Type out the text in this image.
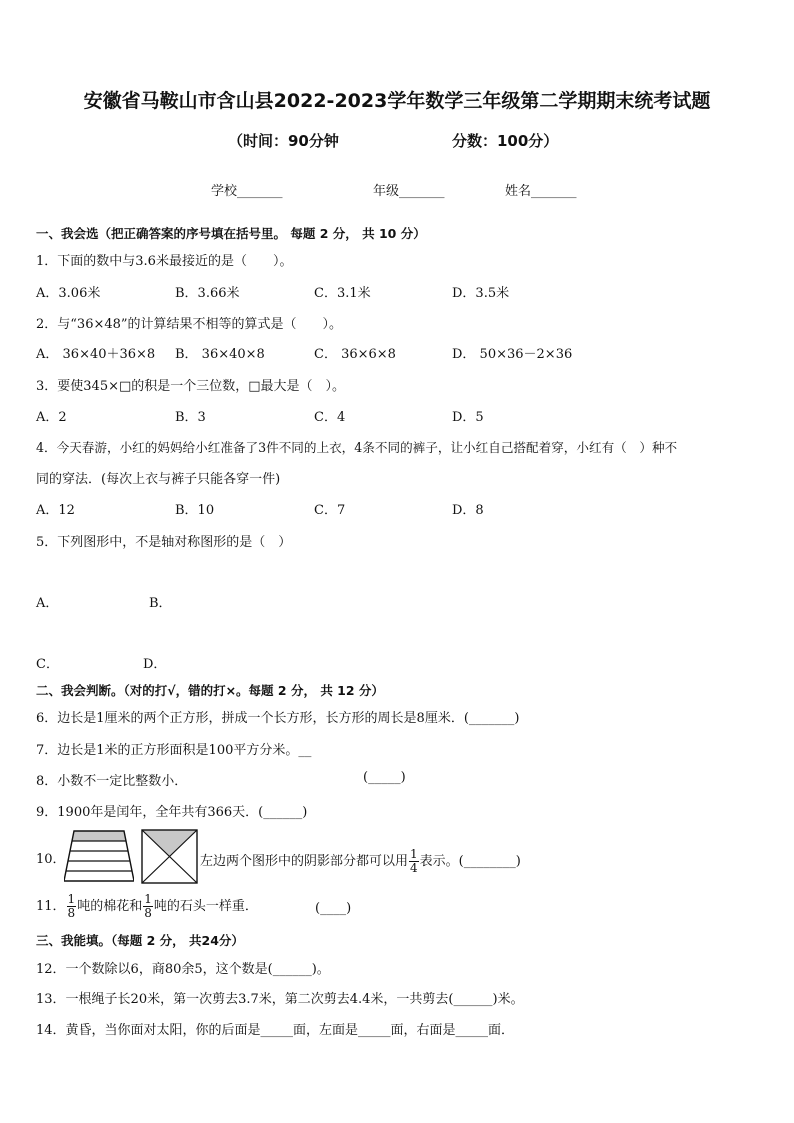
安徽省马鞍山市含山县2022-2023学年数学三年级第二学期期末统考试题
（时间：90分钟	分数：100分）
学校_______	年级_______	姓名_______
一、我会选（把正确答案的序号填在括号里。 每题 2 分， 共 10 分）
1．下面的数中与3.6米最接近的是（　　）。
A．3.06米	B．3.66米	C．3.1米	D．3.5米
2．与“36×48”的计算结果不相等的算式是（　　）。
A． 36×40＋36×8 B． 36×40×8	C． 36×6×8	D． 50×36－2×36
3．要使345×□的积是一个三位数，□最大是（　）。
A．2	B．3	C．4	D．5
4．今天春游，小红的妈妈给小红准备了3件不同的上衣，4条不同的裤子，让小红自己搭配着穿，小红有（　）种不
同的穿法．(每次上衣与裤子只能各穿一件)
A．12	B．10	C．7	D．8
5．下列图形中，不是轴对称图形的是（　）
A．	B．
C．	D．
二、我会判断。（对的打√，错的打×。每题 2 分， 共 12 分）
6．边长是1厘米的两个正方形，拼成一个长方形，长方形的周长是8厘米．(_______)
7．边长是1米的正方形面积是100平方分米。__
8．小数不一定比整数小．	(_____)
9．1900年是闰年，全年共有366天．(______)
10．	左边两个图形中的阴影部分都可以用 $\frac{1}{4}$ 表示。(________)
11． $\frac{1}{8}$ 吨的棉花和 $\frac{1}{8}$ 吨的石头一样重．	(____)
三、我能填。（每题 2 分， 共24分）
12．一个数除以6，商80余5，这个数是(______)。
13．一根绳子长20米，第一次剪去3.7米，第二次剪去4.4米，一共剪去(______)米。
14．黄昏，当你面对太阳，你的后面是_____面，左面是_____面，右面是_____面．
